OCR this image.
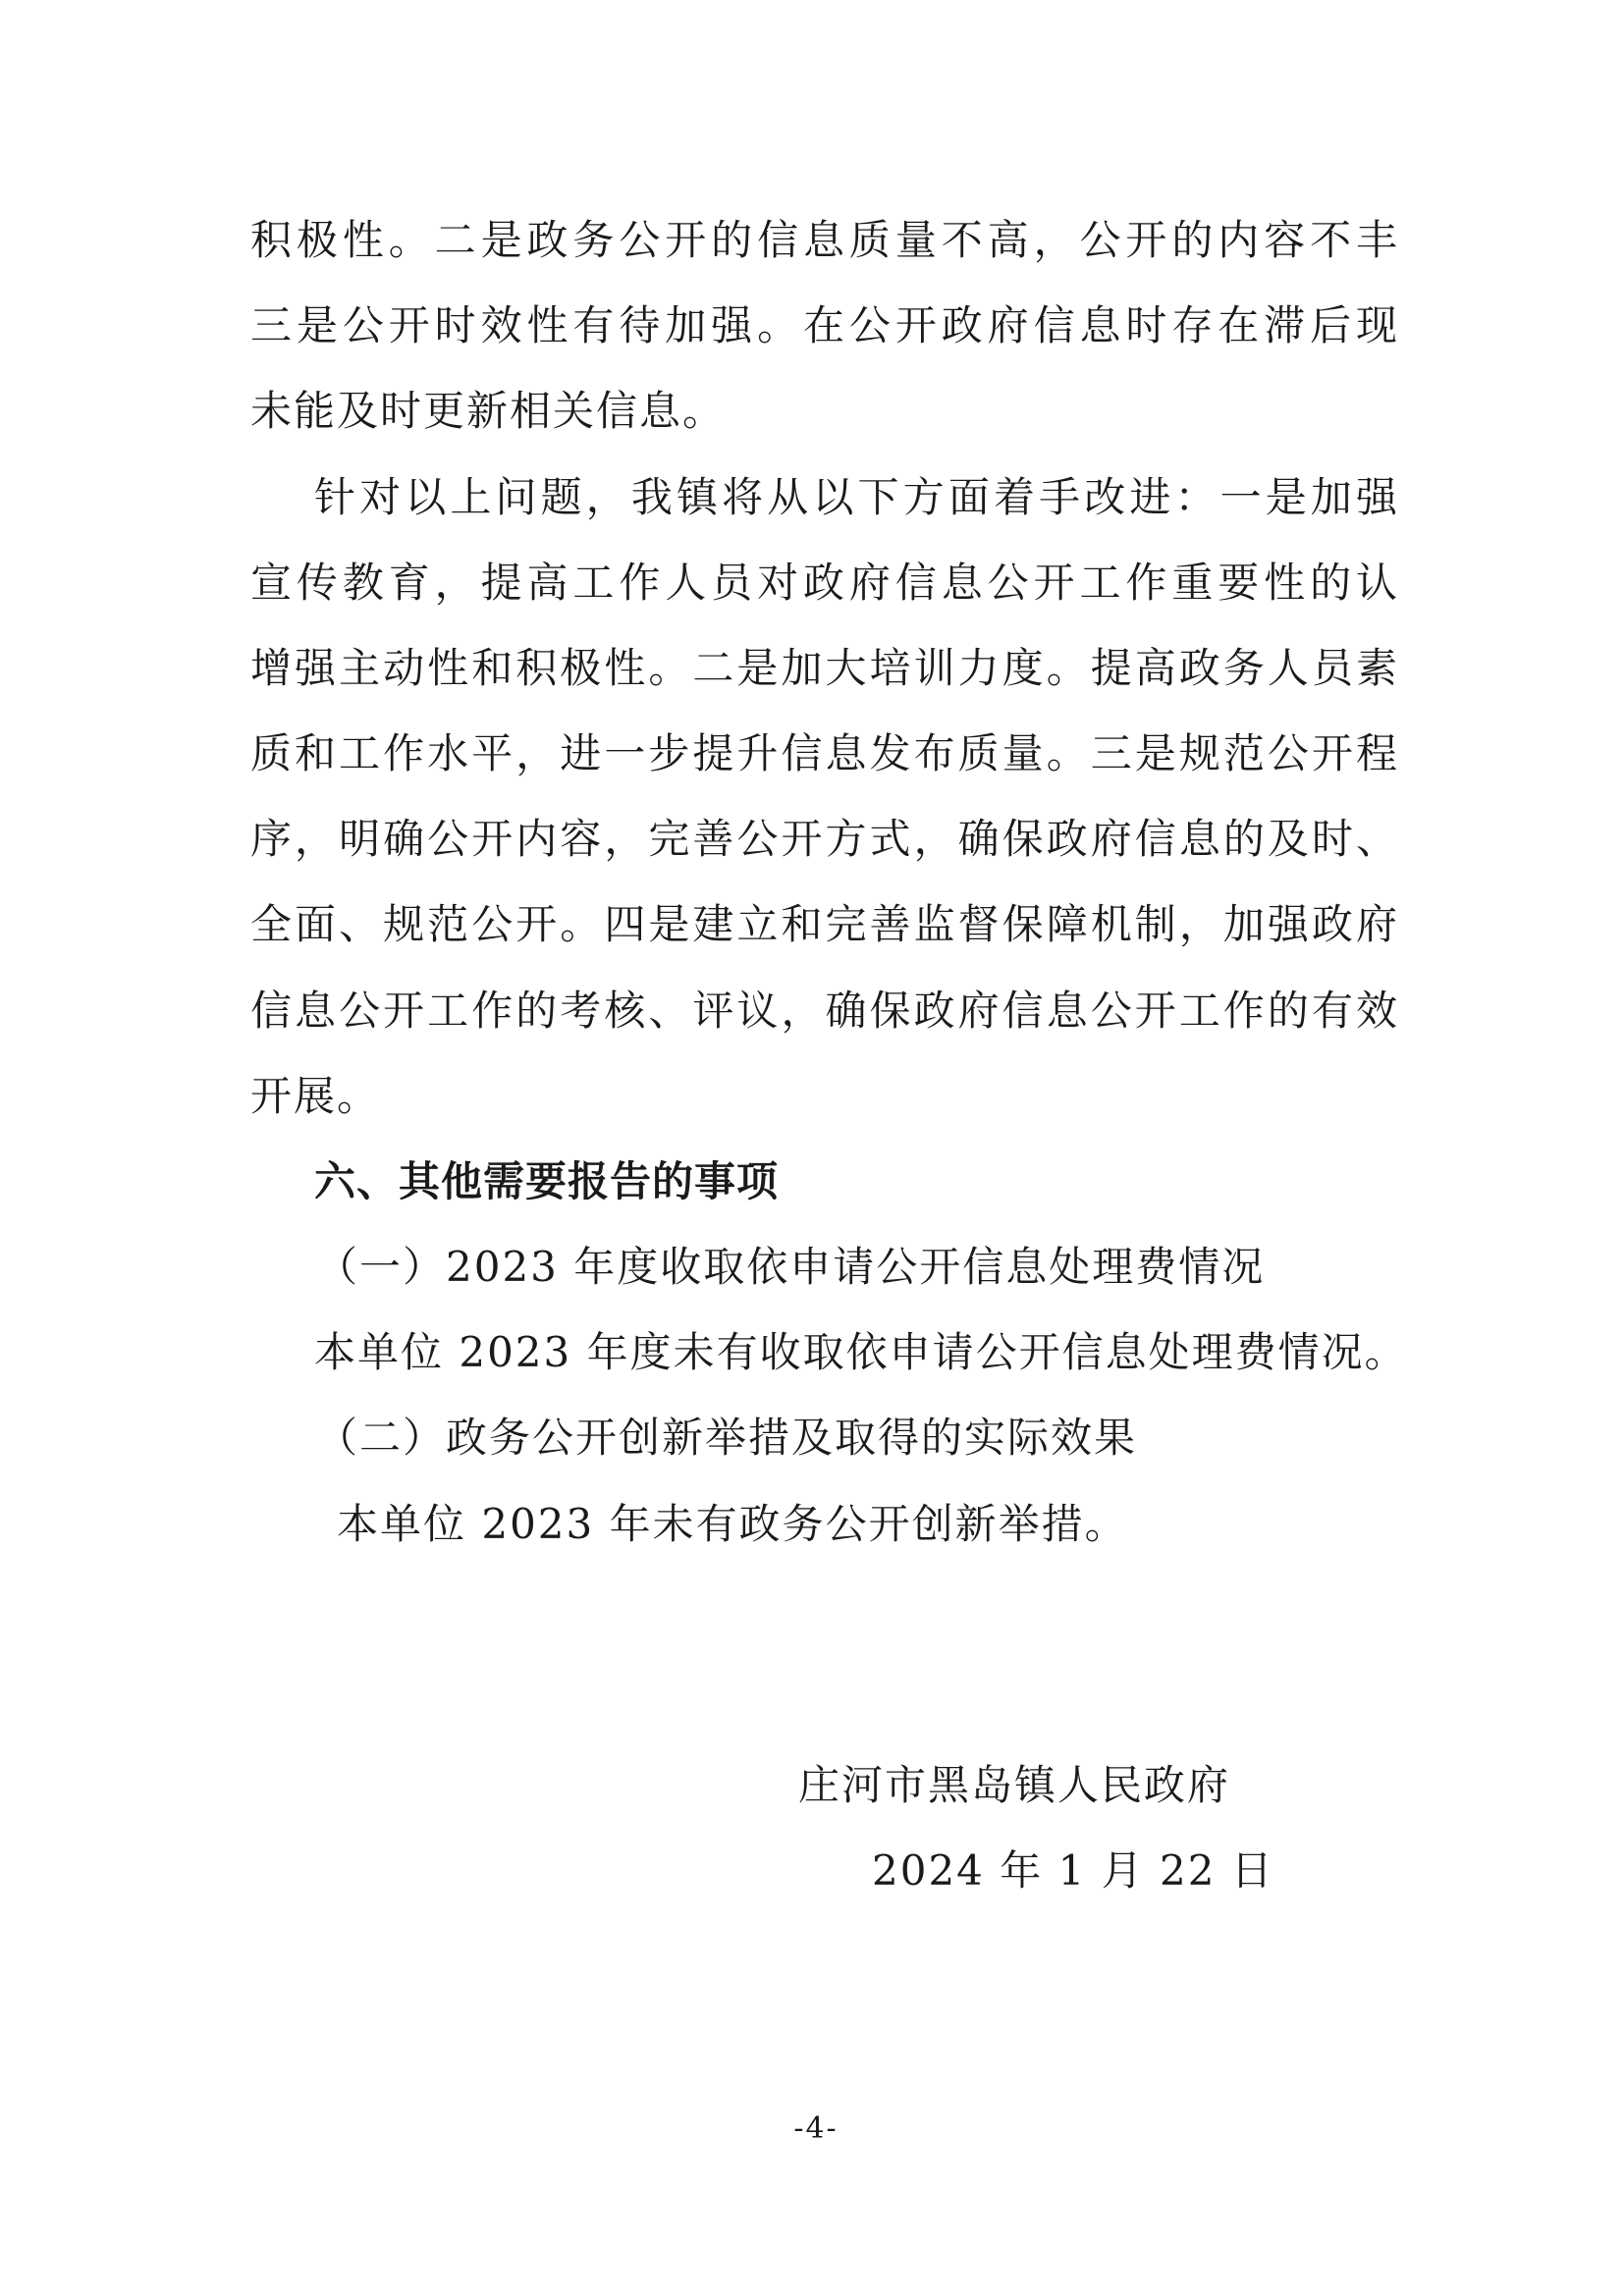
积极性。二是政务公开的信息质量不高，公开的内容不丰
三是公开时效性有待加强。在公开政府信息时存在滞后现
未能及时更新相关信息。
针对以上问题，我镇将从以下方面着手改进：一是加强
宣传教育，提高工作人员对政府信息公开工作重要性的认
增强主动性和积极性。二是加大培训力度。提高政务人员素
质和工作水平，进一步提升信息发布质量。三是规范公开程
序，明确公开内容，完善公开方式，确保政府信息的及时、
全面、规范公开。四是建立和完善监督保障机制，加强政府
信息公开工作的考核、评议，确保政府信息公开工作的有效
开展。
六、其他需要报告的事项
（一）2023 年度收取依申请公开信息处理费情况
本单位 2023 年度未有收取依申请公开信息处理费情况。
（二）政务公开创新举措及取得的实际效果
本单位 2023 年未有政务公开创新举措。
庄河市黑岛镇人民政府
2024 年 1 月 22 日
-4-
